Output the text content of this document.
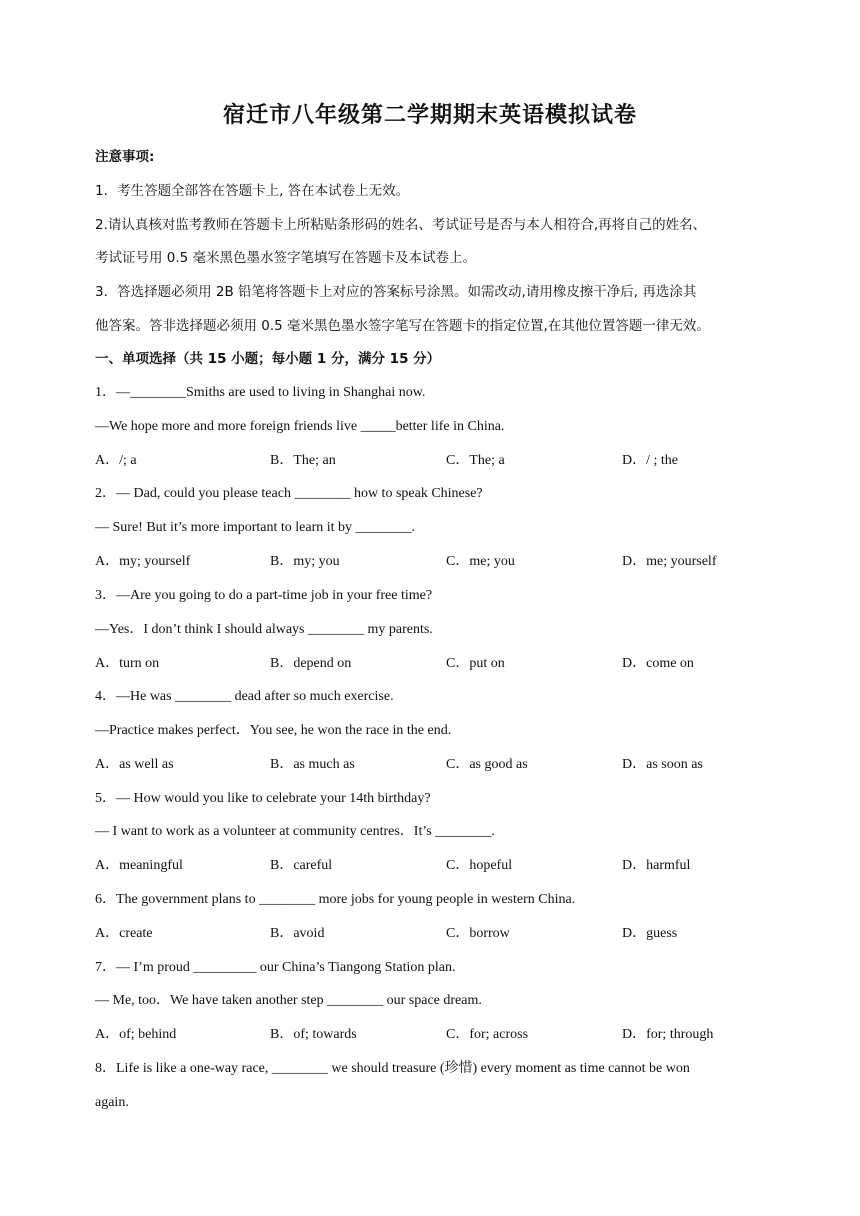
宿迁市八年级第二学期期末英语模拟试卷
注意事项:
1．考生答题全部答在答题卡上, 答在本试卷上无效。
2.请认真核对监考教师在答题卡上所粘贴条形码的姓名、考试证号是否与本人相符合,再将自己的姓名、
考试证号用 0.5 毫米黑色墨水签字笔填写在答题卡及本试卷上。
3．答选择题必须用 2B 铅笔将答题卡上对应的答案标号涂黑。如需改动,请用橡皮擦干净后, 再选涂其
他答案。答非选择题必须用 0.5 毫米黑色墨水签字笔写在答题卡的指定位置,在其他位置答题一律无效。
一、单项选择（共 15 小题；每小题 1 分，满分 15 分）
1．—________Smiths are used to living in Shanghai now.
—We hope more and more foreign friends live _____better life in China.
A．/; a	B．The; an	C．The; a	D．/ ; the
2．— Dad, could you please teach ________ how to speak Chinese?
— Sure! But it’s more important to learn it by ________.
A．my; yourself	B．my; you	C．me; you	D．me; yourself
3．—Are you going to do a part-time job in your free time?
—Yes．I don’t think I should always ________ my parents.
A．turn on	B．depend on	C．put on	D．come on
4．—He was ________ dead after so much exercise.
—Practice makes perfect．You see, he won the race in the end.
A．as well as	B．as much as	C．as good as	D．as soon as
5．— How would you like to celebrate your 14th birthday?
— I want to work as a volunteer at community centres．It’s ________.
A．meaningful	B．careful	C．hopeful	D．harmful
6．The government plans to ________ more jobs for young people in western China.
A．create	B．avoid	C．borrow	D．guess
7．— I’m proud _________ our China’s Tiangong Station plan.
— Me, too．We have taken another step ________ our space dream.
A．of; behind	B．of; towards	C．for; across	D．for; through
8．Life is like a one-way race, ________ we should treasure (珍惜) every moment as time cannot be won
again.
